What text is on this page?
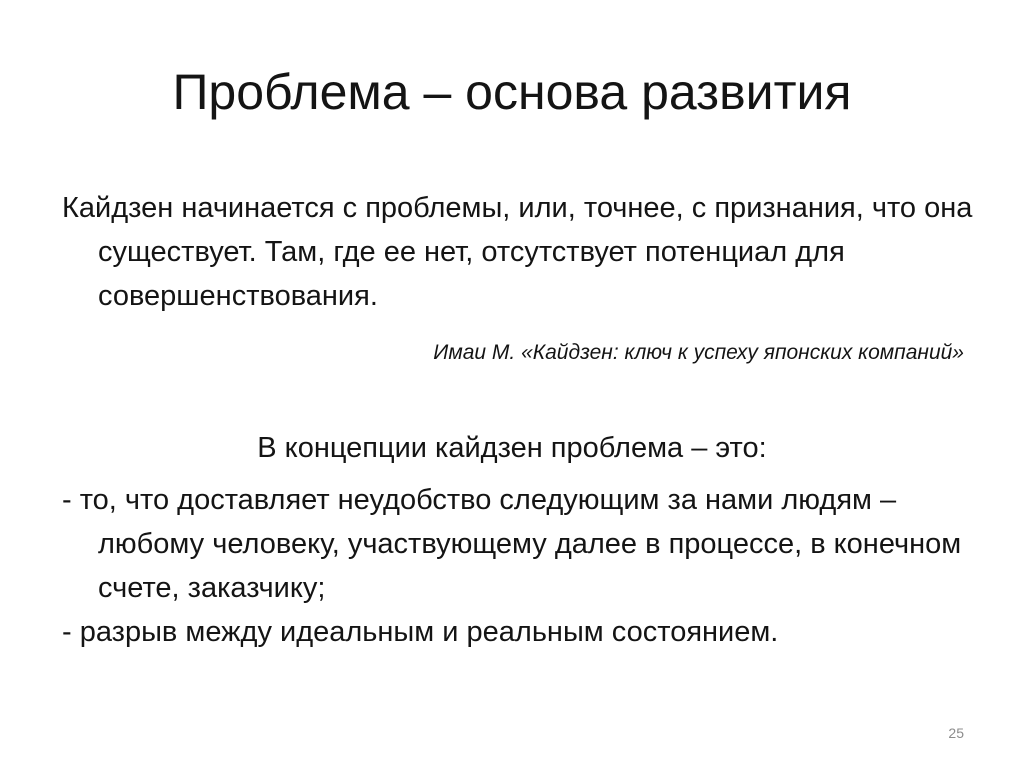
Проблема – основа развития
Кайдзен начинается с проблемы, или, точнее, с признания, что она существует. Там, где ее нет, отсутствует потенциал для совершенствования.
Имаи М. «Кайдзен: ключ к успеху японских компаний»
В концепции кайдзен проблема – это:
- то, что доставляет неудобство следующим за нами людям – любому человеку, участвующему далее в процессе, в конечном счете, заказчику;
- разрыв между идеальным и реальным состоянием.
25
